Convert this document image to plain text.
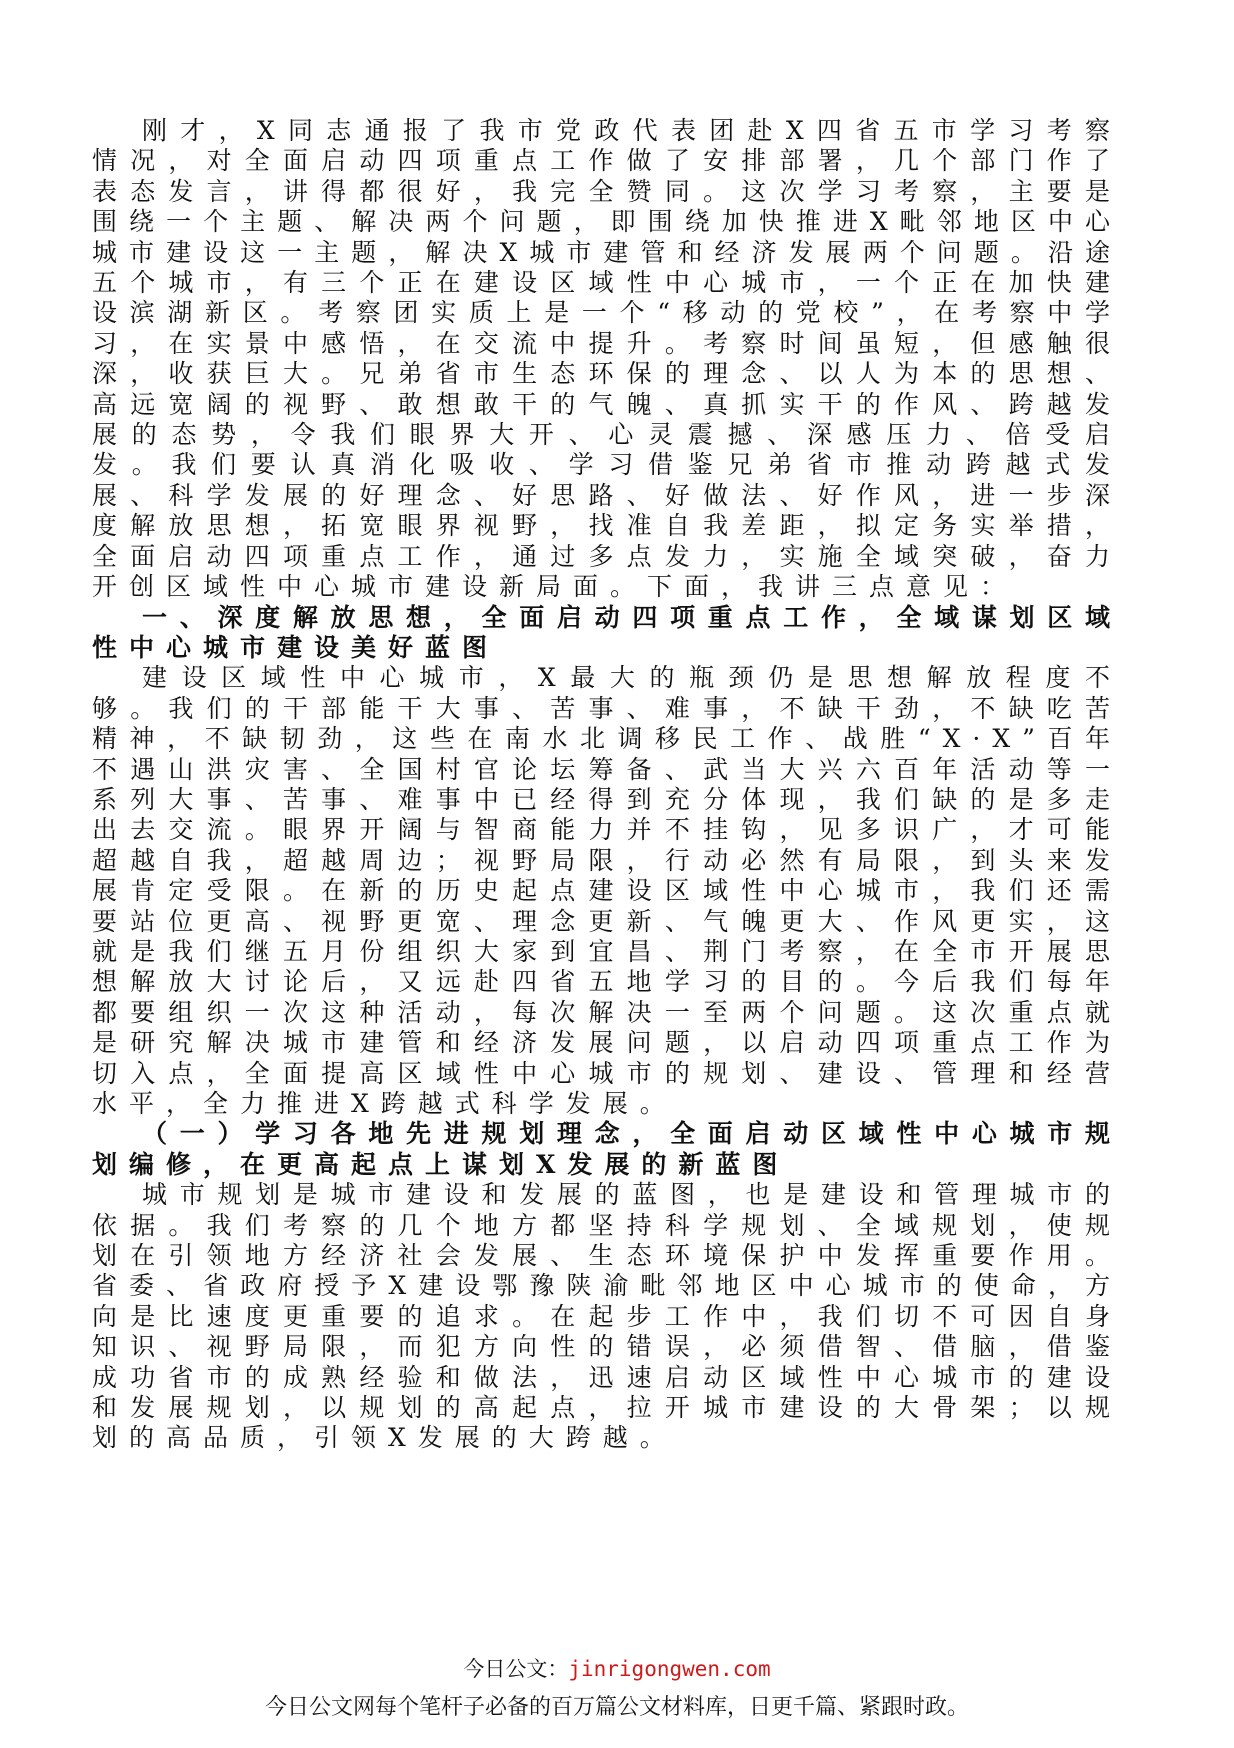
刚才，X同志通报了我市党政代表团赴X四省五市学习考察情况，对全面启动四项重点工作做了安排部署，几个部门作了表态发言，讲得都很好，我完全赞同。这次学习考察，主要是围绕一个主题、解决两个问题，即围绕加快推进X毗邻地区中心城市建设这一主题，解决X城市建管和经济发展两个问题。沿途五个城市，有三个正在建设区域性中心城市，一个正在加快建设滨湖新区。考察团实质上是一个“移动的党校”，在考察中学习，在实景中感悟，在交流中提升。考察时间虽短，但感触很深，收获巨大。兄弟省市生态环保的理念、以人为本的思想、高远宽阔的视野、敢想敢干的气魄、真抓实干的作风、跨越发展的态势，令我们眼界大开、心灵震撼、深感压力、倍受启发。我们要认真消化吸收、学习借鉴兄弟省市推动跨越式发展、科学发展的好理念、好思路、好做法、好作风，进一步深度解放思想，拓宽眼界视野，找准自我差距，拟定务实举措，全面启动四项重点工作，通过多点发力，实施全域突破，奋力开创区域性中心城市建设新局面。下面，我讲三点意见：

一、深度解放思想，全面启动四项重点工作，全域谋划区域性中心城市建设美好蓝图

建设区域性中心城市，X最大的瓶颈仍是思想解放程度不够。我们的干部能干大事、苦事、难事，不缺干劲，不缺吃苦精神，不缺韧劲，这些在南水北调移民工作、战胜“X·X”百年不遇山洪灾害、全国村官论坛筹备、武当大兴六百年活动等一系列大事、苦事、难事中已经得到充分体现，我们缺的是多走出去交流。眼界开阔与智商能力并不挂钩，见多识广，才可能超越自我，超越周边；视野局限，行动必然有局限，到头来发展肯定受限。在新的历史起点建设区域性中心城市，我们还需要站位更高、视野更宽、理念更新、气魄更大、作风更实，这就是我们继五月份组织大家到宜昌、荆门考察，在全市开展思想解放大讨论后，又远赴四省五地学习的目的。今后我们每年都要组织一次这种活动，每次解决一至两个问题。这次重点就是研究解决城市建管和经济发展问题，以启动四项重点工作为切入点，全面提高区域性中心城市的规划、建设、管理和经营水平，全力推进X跨越式科学发展。

（一）学习各地先进规划理念，全面启动区域性中心城市规划编修，在更高起点上谋划X发展的新蓝图

城市规划是城市建设和发展的蓝图，也是建设和管理城市的依据。我们考察的几个地方都坚持科学规划、全域规划，使规划在引领地方经济社会发展、生态环境保护中发挥重要作用。省委、省政府授予X建设鄂豫陕渝毗邻地区中心城市的使命，方向是比速度更重要的追求。在起步工作中，我们切不可因自身知识、视野局限，而犯方向性的错误，必须借智、借脑，借鉴成功省市的成熟经验和做法，迅速启动区域性中心城市的建设和发展规划，以规划的高起点，拉开城市建设的大骨架；以规划的高品质，引领X发展的大跨越。

今日公文：jinrigongwen.com
今日公文网每个笔杆子必备的百万篇公文材料库，日更千篇、紧跟时政。
